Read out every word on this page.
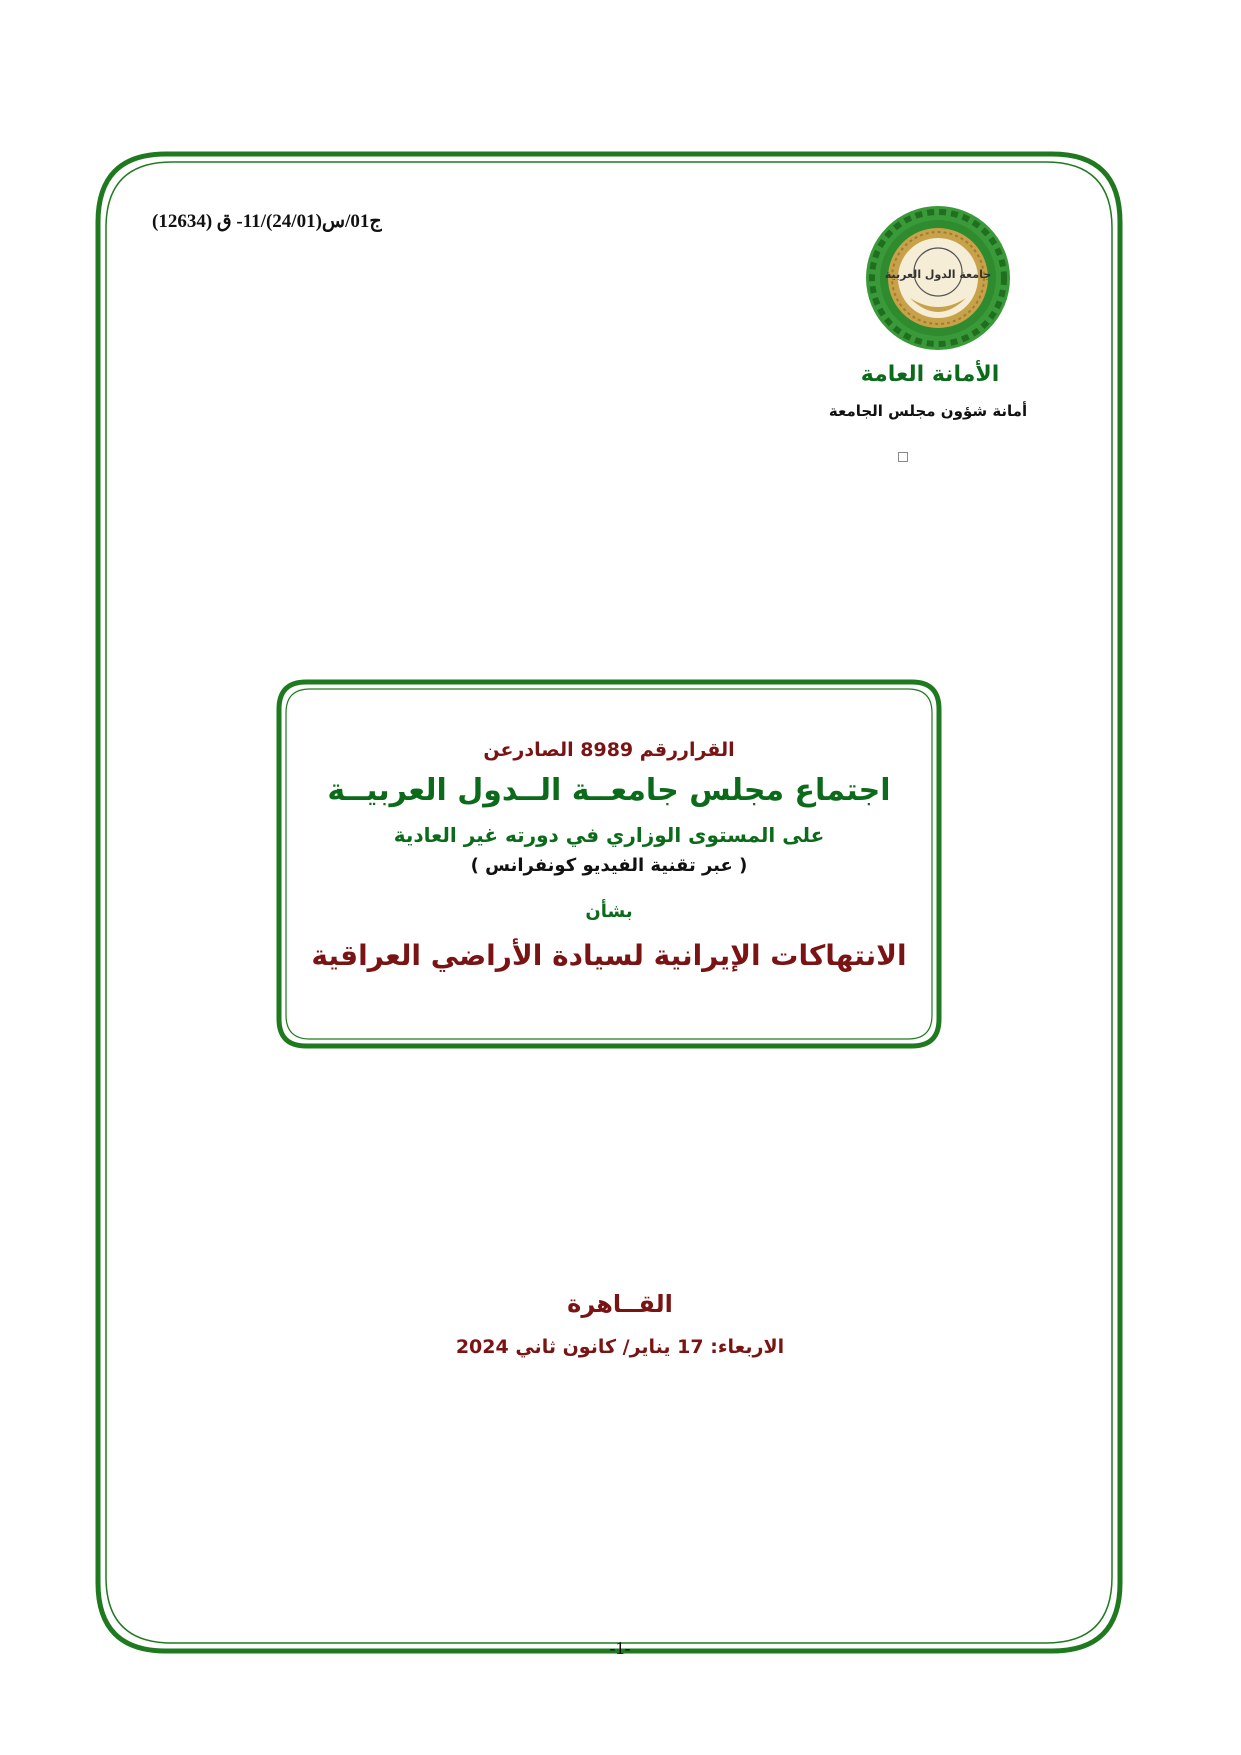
ج01/س(24/01)/11- ق (12634)
جامعة الدول العربية
الأمانة العامة
أمانة شؤون مجلس الجامعة
القراررقم 8989 الصادرعن
اجتماع مجلس جامعــة الــدول العربيــة
على المستوى الوزاري في دورته غير العادية
( عبر تقنية الفيديو كونفرانس )
بشأن
الانتهاكات الإيرانية لسيادة الأراضي العراقية
القــاهرة
الاربعاء: 17 يناير/ كانون ثاني 2024
-1-
